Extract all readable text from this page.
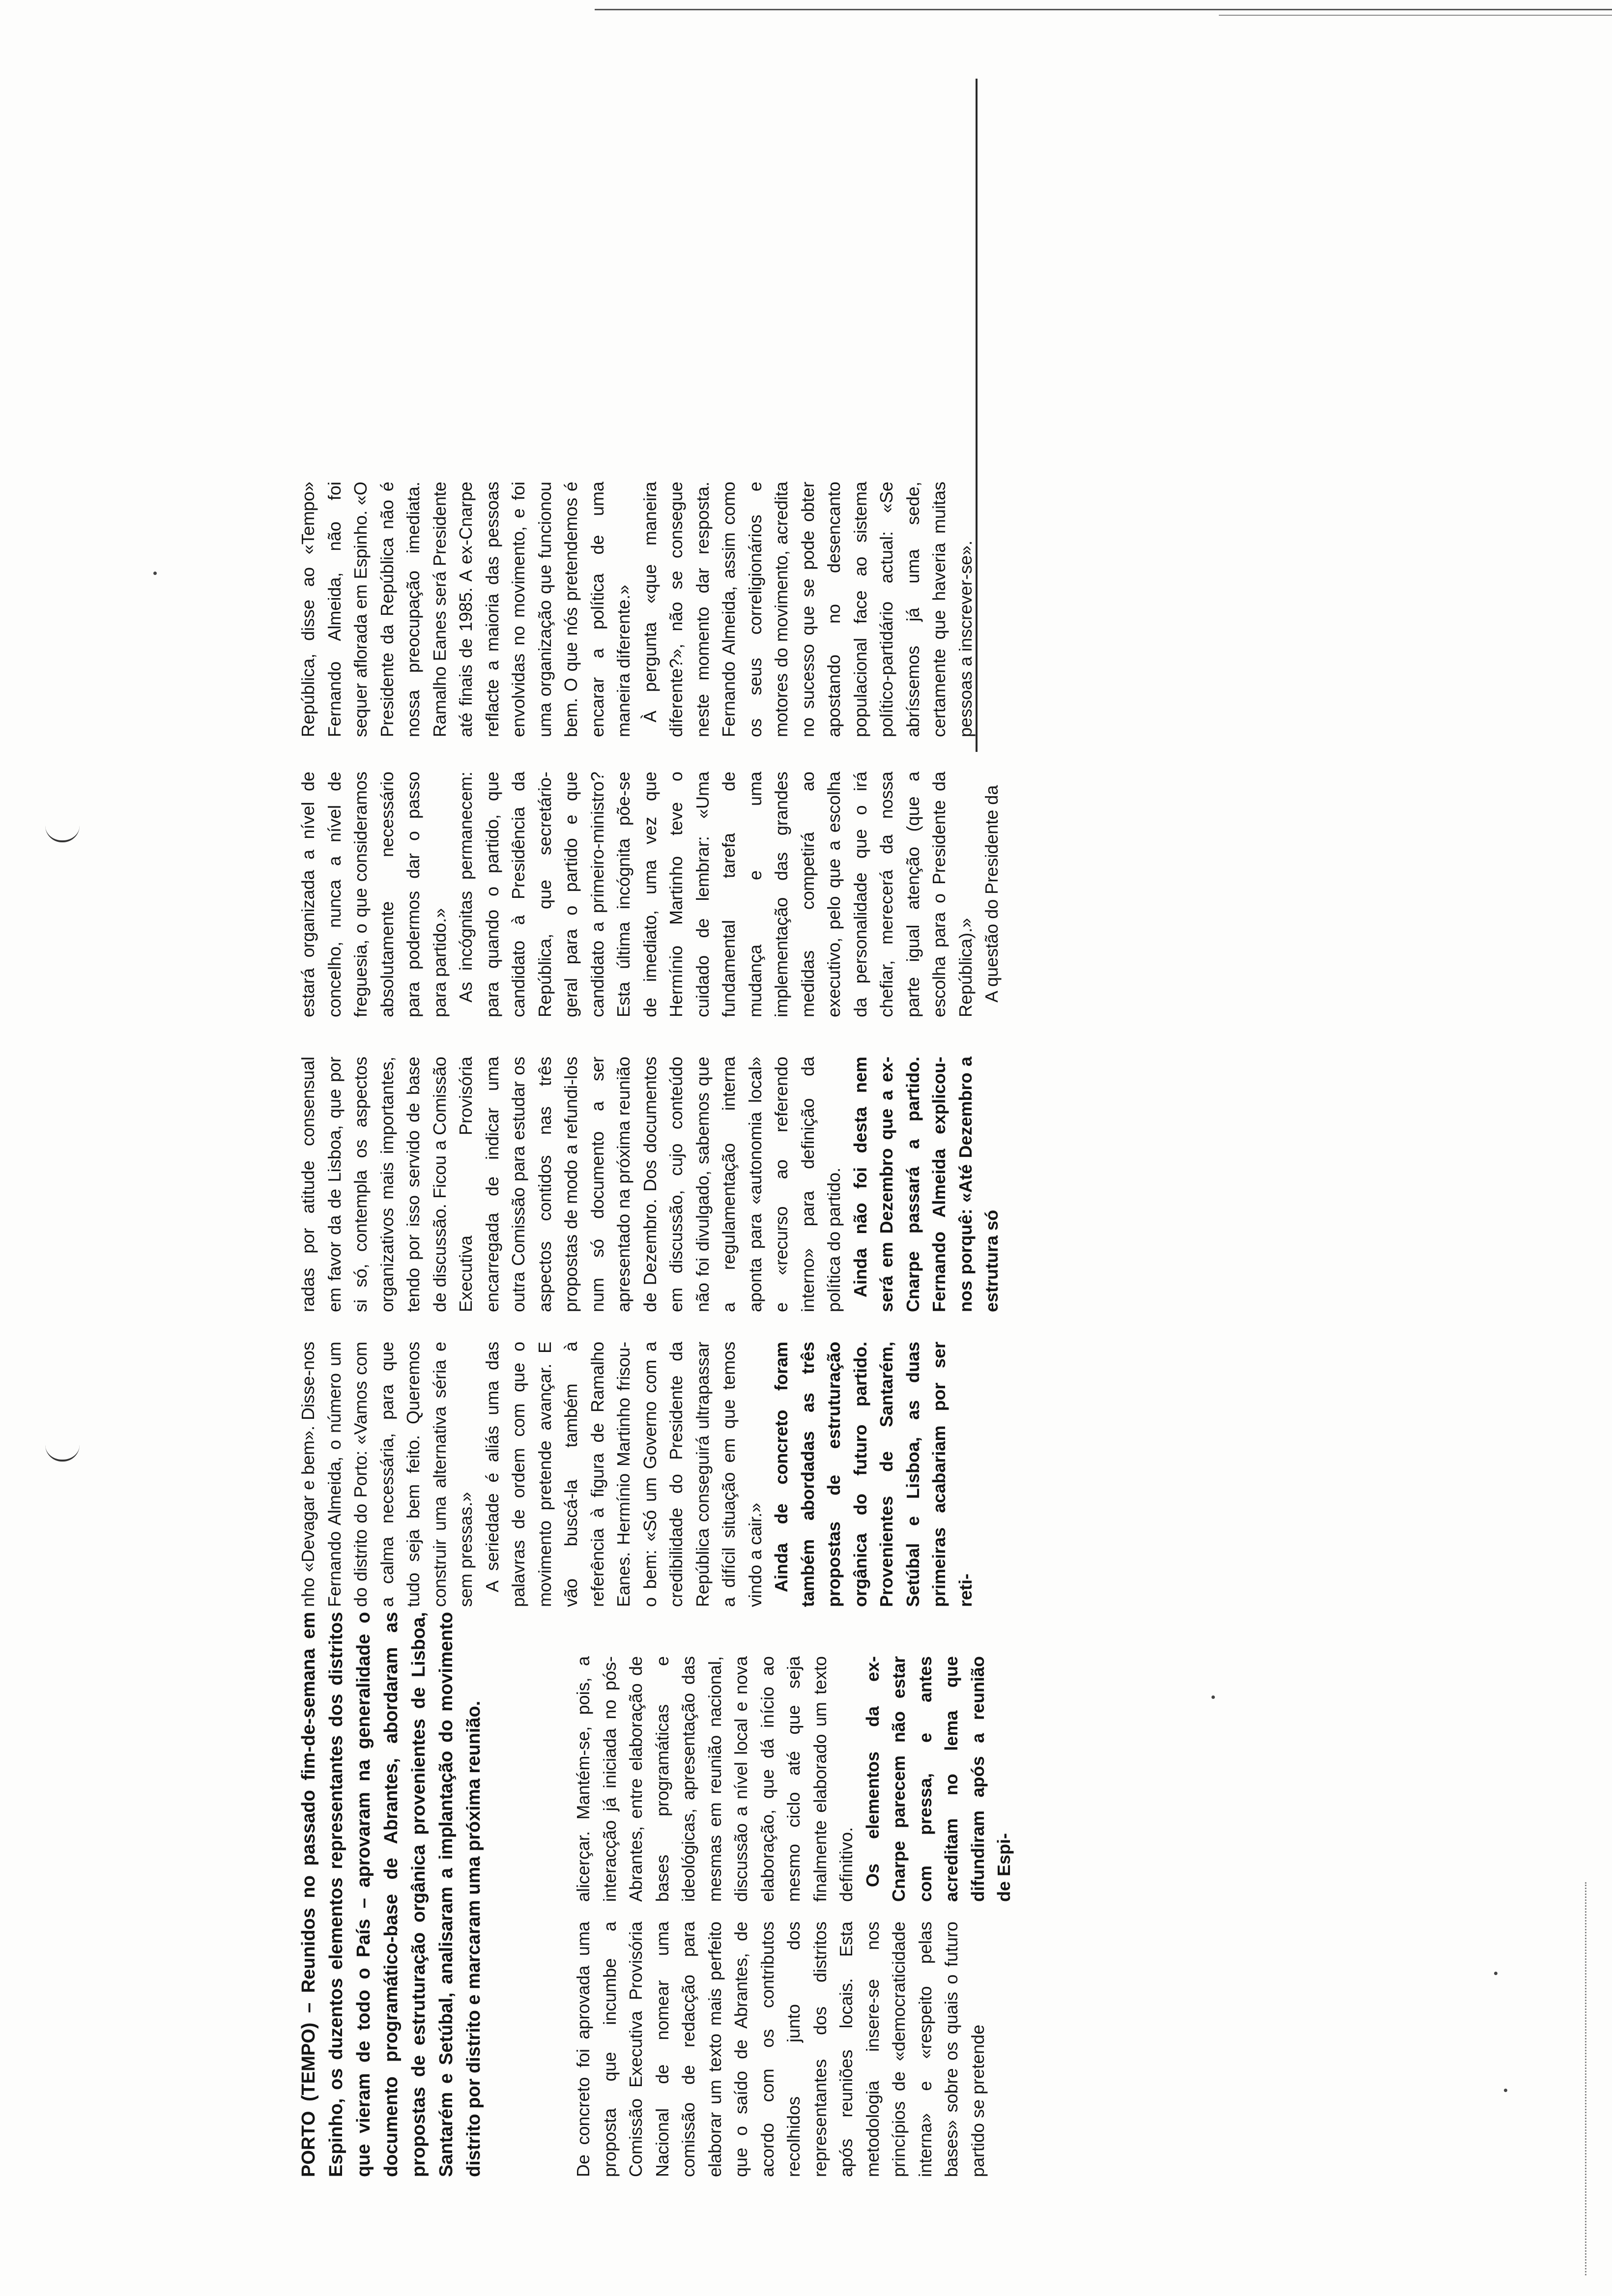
PORTO (TEMPO) – Reunidos no passado fim-de-semana em Espinho, os duzentos elementos representantes dos distritos que vieram de todo o País – aprovaram na generalidade o documento programático-base de Abrantes, abordaram as propostas de estruturação orgânica provenientes de Lisboa, Santarém e Setúbal, analisaram a implantação do movimento distrito por distrito e marcaram uma próxima reunião.	De concreto foi aprovada uma proposta que incumbe a Comissão Executiva Provisória Nacional de nomear uma comissão de redacção para elaborar um texto mais perfeito que o saído de Abrantes, de acordo com os contributos recolhidos junto dos representantes dos distritos após reuniões locais. Esta metodologia insere-se nos princípios de «democraticidade interna» e «respeito pelas bases» sobre os quais o futuro partido se pretende

alicerçar. Mantém-se, pois, a interacção já iniciada no pós-Abrantes, entre elaboração de bases programáticas e ideológicas, apresentação das mesmas em reunião nacional, discussão a nível local e nova elaboração, que dá início ao mesmo ciclo até que seja finalmente elaborado um texto definitivo. Os elementos da ex-Cnarpe parecem não estar com pressa, e antes acreditam no lema que difundiram após a reunião de Espi-

nho «Devagar e bem». Disse-nos Fernando Almeida, o número um do distrito do Porto: «Vamos com a calma necessária, para que tudo seja bem feito. Queremos construir uma alternativa séria e sem pressas.» A seriedade é aliás uma das palavras de ordem com que o movimento pretende avançar. E vão buscá-la também à referência à figura de Ramalho Eanes. Hermínio Martinho frisou-o bem: «Só um Governo com a credibilidade do Presidente da República conseguirá ultrapassar a difícil situação em que temos vindo a cair.» Ainda de concreto foram também abordadas as três propostas de estruturação orgânica do futuro partido. Provenientes de Santarém, Setúbal e Lisboa, as duas primeiras acabariam por ser reti-

radas por atitude consensual em favor da de Lisboa, que por si só, contempla os aspectos organizativos mais importantes, tendo por isso servido de base de discussão. Ficou a Comissão Executiva Provisória encarregada de indicar uma outra Comissão para estudar os aspectos contidos nas três propostas de modo a refundi-los num só documento a ser apresentado na próxima reunião de Dezembro. Dos documentos em discussão, cujo conteúdo não foi divulgado, sabemos que a regulamentação interna aponta para «autonomia local» e «recurso ao referendo interno» para definição da política do partido. Ainda não foi desta nem será em Dezembro que a ex-Cnarpe passará a partido. Fernando Almeida explicou-nos porquê: «Até Dezembro a estrutura só

estará organizada a nível de concelho, nunca a nível de freguesia, o que consideramos absolutamente necessário para podermos dar o passo para partido.» As incógnitas permanecem: para quando o partido, que candidato à Presidência da República, que secretário-geral para o partido e que candidato a primeiro-ministro? Esta última incógnita põe-se de imediato, uma vez que Hermínio Martinho teve o cuidado de lembrar: «Uma fundamental tarefa de mudança e uma implementação das grandes medidas competirá ao executivo, pelo que a escolha da personalidade que o irá chefiar, merecerá da nossa parte igual atenção (que a escolha para o Presidente da República).» A questão do Presidente da

República, disse ao «Tempo» Fernando Almeida, não foi sequer aflorada em Espinho. «O Presidente da República não é nossa preocupação imediata. Ramalho Eanes será Presidente até finais de 1985. A ex-Cnarpe reflacte a maioria das pessoas envolvidas no movimento, e foi uma organização que funcionou bem. O que nós pretendemos é encarar a política de uma maneira diferente.» À pergunta «que maneira diferente?», não se consegue neste momento dar resposta. Fernando Almeida, assim como os seus correligionários e motores do movimento, acredita no sucesso que se pode obter apostando no desencanto populacional face ao sistema político-partidário actual: «Se abríssemos já uma sede, certamente que haveria muitas pessoas a inscrever-se».
